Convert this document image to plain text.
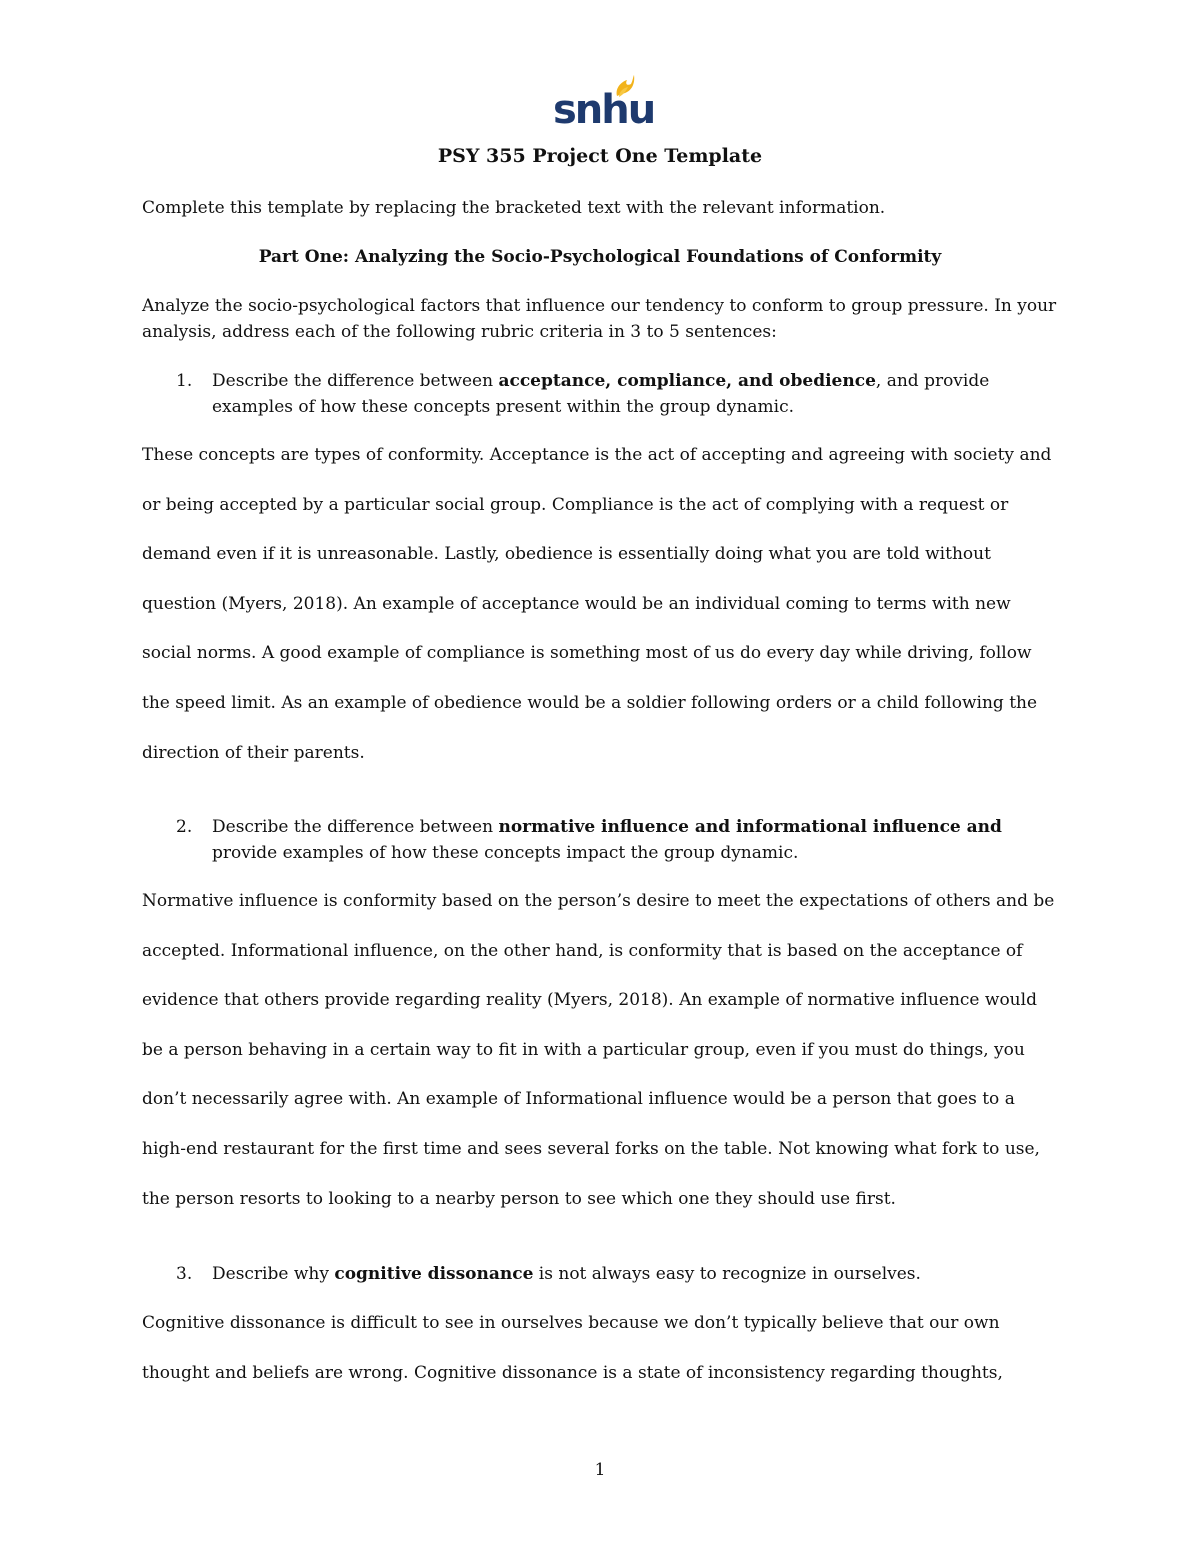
snhu
PSY 355 Project One Template

Complete this template by replacing the bracketed text with the relevant information.

Part One: Analyzing the Socio-Psychological Foundations of Conformity

Analyze the socio-psychological factors that influence our tendency to conform to group pressure. In your analysis, address each of the following rubric criteria in 3 to 5 sentences:

1. Describe the difference between acceptance, compliance, and obedience, and provide examples of how these concepts present within the group dynamic.

These concepts are types of conformity. Acceptance is the act of accepting and agreeing with society and or being accepted by a particular social group. Compliance is the act of complying with a request or demand even if it is unreasonable. Lastly, obedience is essentially doing what you are told without question (Myers, 2018). An example of acceptance would be an individual coming to terms with new social norms. A good example of compliance is something most of us do every day while driving, follow the speed limit. As an example of obedience would be a soldier following orders or a child following the direction of their parents.

2. Describe the difference between normative influence and informational influence and provide examples of how these concepts impact the group dynamic.

Normative influence is conformity based on the person’s desire to meet the expectations of others and be accepted. Informational influence, on the other hand, is conformity that is based on the acceptance of evidence that others provide regarding reality (Myers, 2018). An example of normative influence would be a person behaving in a certain way to fit in with a particular group, even if you must do things, you don’t necessarily agree with. An example of Informational influence would be a person that goes to a high-end restaurant for the first time and sees several forks on the table. Not knowing what fork to use, the person resorts to looking to a nearby person to see which one they should use first.

3. Describe why cognitive dissonance is not always easy to recognize in ourselves.

Cognitive dissonance is difficult to see in ourselves because we don’t typically believe that our own thought and beliefs are wrong. Cognitive dissonance is a state of inconsistency regarding thoughts,

1
